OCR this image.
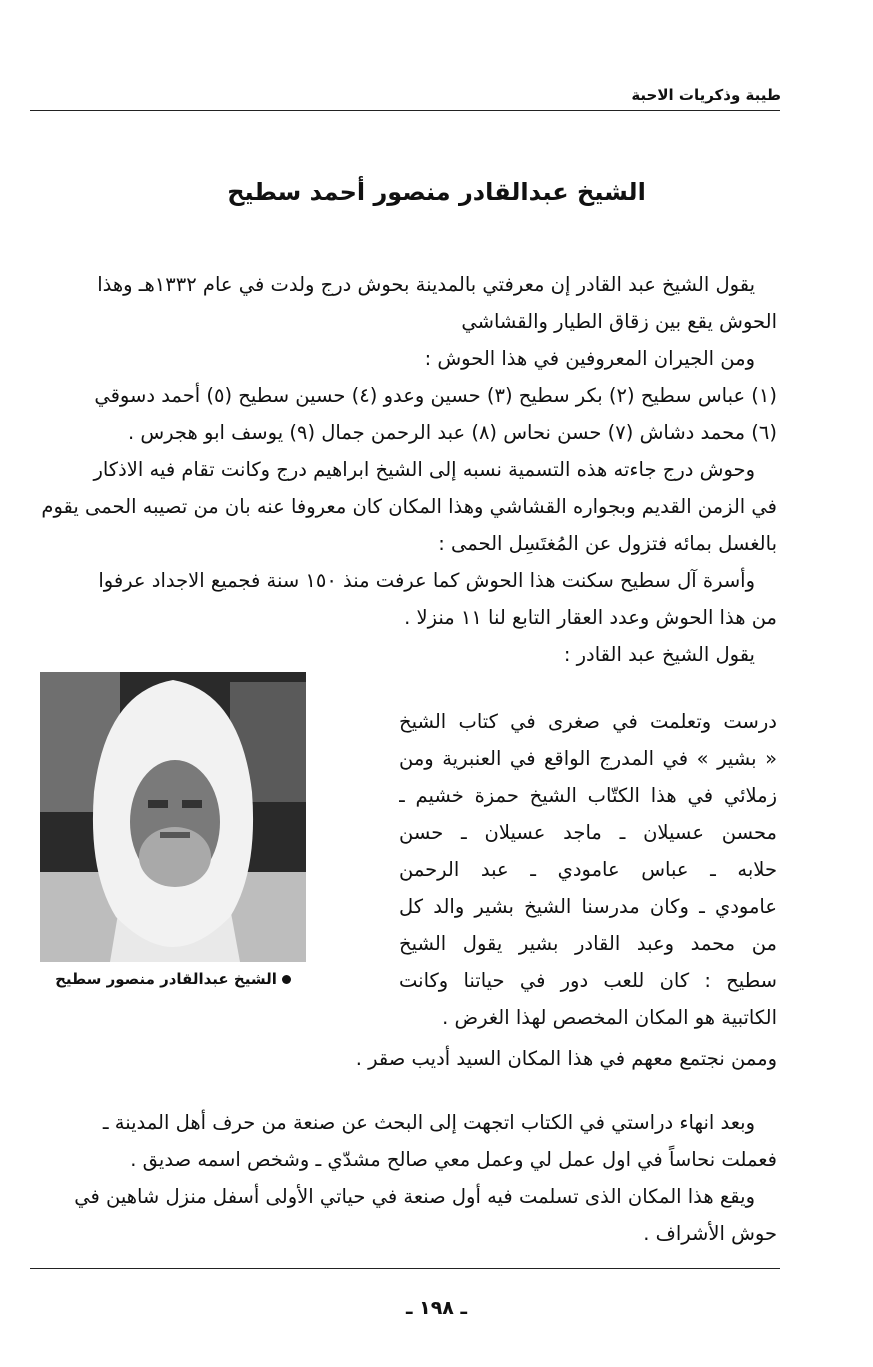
طيبة وذكريات الاحبة
الشيخ عبدالقادر منصور أحمد سطيح
يقول الشيخ عبد القادر إن معرفتي بالمدينة بحوش درج ولدت في عام ١٣٣٢هـ وهذا
الحوش يقع بين زقاق الطيار والقشاشي
ومن الجيران المعروفين في هذا الحوش :
(١) عباس سطيح (٢) بكر سطيح (٣) حسين وعدو (٤) حسين سطيح (٥) أحمد دسوقي
(٦) محمد دشاش (٧) حسن نحاس (٨) عبد الرحمن جمال (٩) يوسف ابو هجرس .
وحوش درج جاءته هذه التسمية نسبه إلى الشيخ ابراهيم درج وكانت تقام فيه الاذكار
في الزمن القديم وبجواره القشاشي وهذا المكان كان معروفا عنه بان من تصيبه الحمى يقوم
بالغسل بمائه فتزول عن المُغتَسِل الحمى :
وأسرة آل سطيح سكنت هذا الحوش كما عرفت منذ ١٥٠ سنة فجميع الاجداد عرفوا
من هذا الحوش وعدد العقار التابع لنا ١١ منزلا .
يقول الشيخ عبد القادر :
درست وتعلمت في صغرى في كتاب الشيخ
« بشير » في المدرج الواقع في العنبرية ومن
زملائي في هذا الكتّاب الشيخ حمزة خشيم ـ
محسن عسيلان ـ ماجد عسيلان ـ حسن
حلابه ـ عباس عامودي ـ عبد الرحمن
عامودي ـ وكان مدرسنا الشيخ بشير والد كل
من محمد وعبد القادر بشير يقول الشيخ
سطيح : كان للعب دور في حياتنا وكانت
الكاتبية هو المكان المخصص لهذا الغرض .
الشيخ عبدالقادر منصور سطيح
وممن نجتمع معهم في هذا المكان السيد أديب صقر .
وبعد انهاء دراستي في الكتاب اتجهت إلى البحث عن صنعة من حرف أهل المدينة ـ
فعملت نحاساً في اول عمل لي وعمل معي صالح مشدّي ـ وشخص اسمه صديق .
ويقع هذا المكان الذى تسلمت فيه أول صنعة في حياتي الأولى أسفل منزل شاهين في
حوش الأشراف .
ـ ١٩٨ ـ
